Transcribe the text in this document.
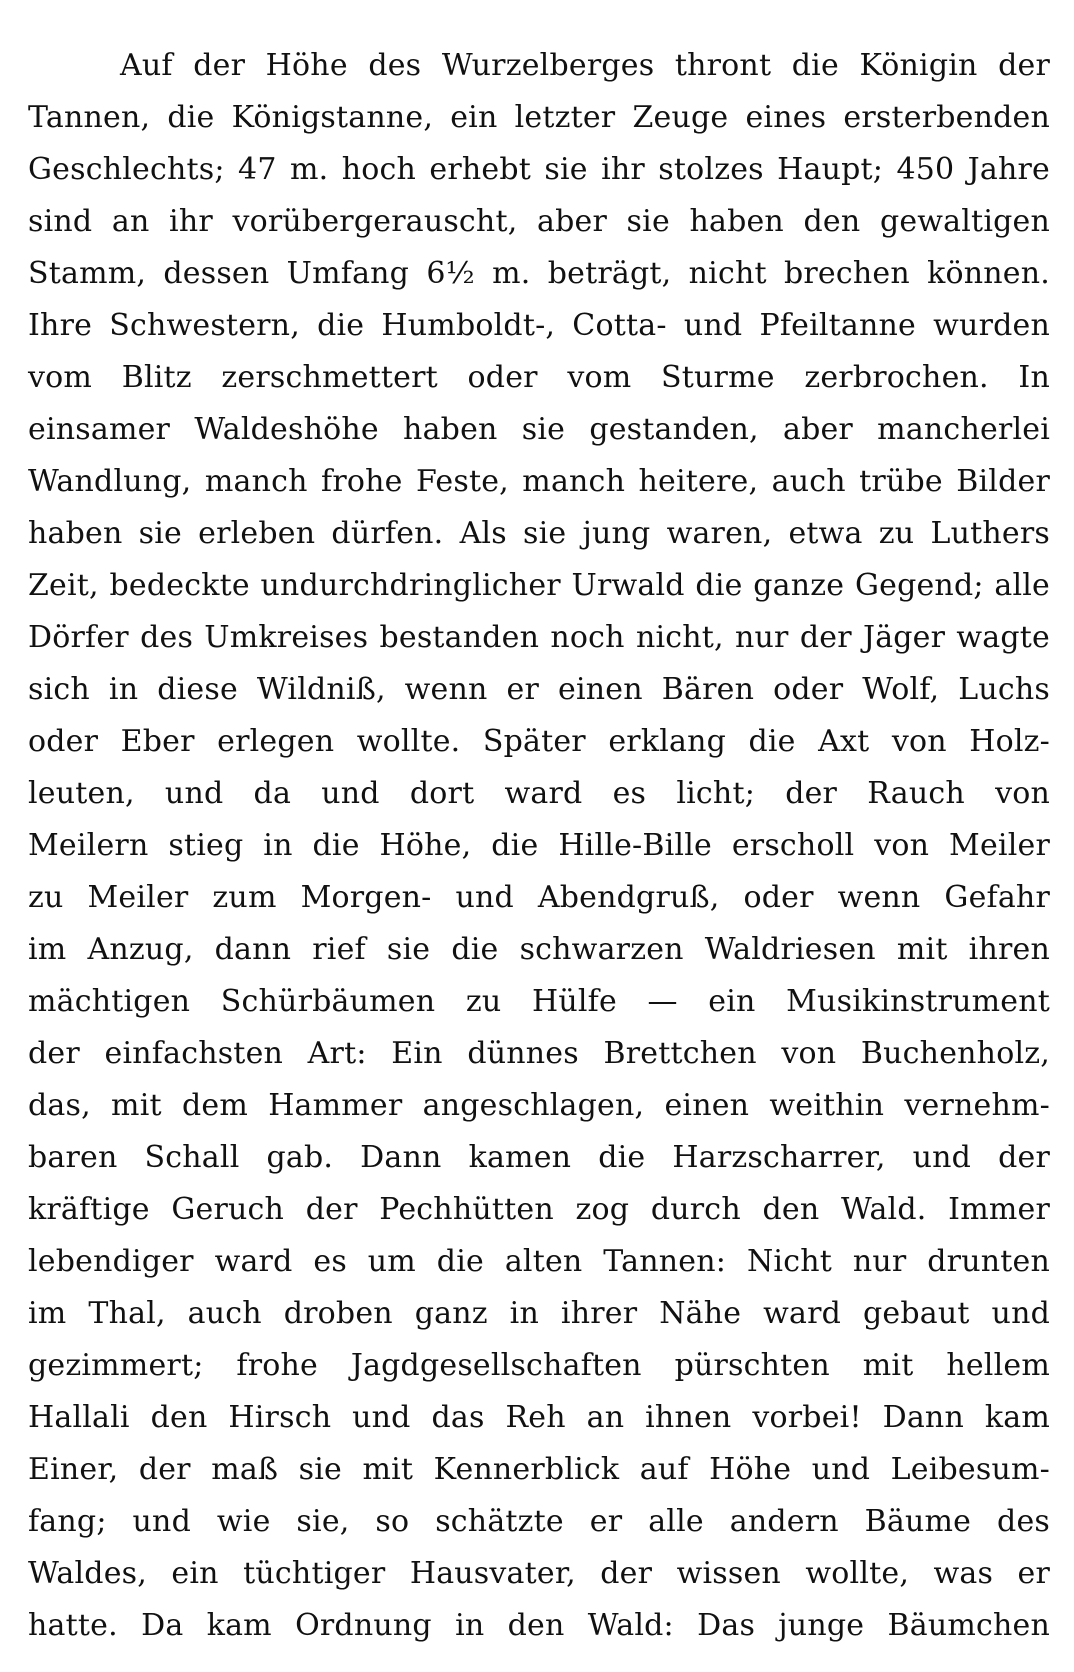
Auf der Höhe des Wurzelberges thront die Königin der
Tannen, die Königstanne, ein letzter Zeuge eines ersterbenden
Geschlechts; 47 m. hoch erhebt sie ihr stolzes Haupt; 450 Jahre
sind an ihr vorübergerauscht, aber sie haben den gewaltigen
Stamm, dessen Umfang 6½ m. beträgt, nicht brechen können.
Ihre Schwestern, die Humboldt-, Cotta- und Pfeiltanne wurden
vom Blitz zerschmettert oder vom Sturme zerbrochen. In
einsamer Waldeshöhe haben sie gestanden, aber mancherlei
Wandlung, manch frohe Feste, manch heitere, auch trübe Bilder
haben sie erleben dürfen. Als sie jung waren, etwa zu Luthers
Zeit, bedeckte undurchdringlicher Urwald die ganze Gegend; alle
Dörfer des Umkreises bestanden noch nicht, nur der Jäger wagte
sich in diese Wildniß, wenn er einen Bären oder Wolf, Luchs
oder Eber erlegen wollte. Später erklang die Axt von Holz-
leuten, und da und dort ward es licht; der Rauch von
Meilern stieg in die Höhe, die Hille-Bille erscholl von Meiler
zu Meiler zum Morgen- und Abendgruß, oder wenn Gefahr
im Anzug, dann rief sie die schwarzen Waldriesen mit ihren
mächtigen Schürbäumen zu Hülfe — ein Musikinstrument
der einfachsten Art: Ein dünnes Brettchen von Buchenholz,
das, mit dem Hammer angeschlagen, einen weithin vernehm-
baren Schall gab. Dann kamen die Harzscharrer, und der
kräftige Geruch der Pechhütten zog durch den Wald. Immer
lebendiger ward es um die alten Tannen: Nicht nur drunten
im Thal, auch droben ganz in ihrer Nähe ward gebaut und
gezimmert; frohe Jagdgesellschaften pürschten mit hellem
Hallali den Hirsch und das Reh an ihnen vorbei! Dann kam
Einer, der maß sie mit Kennerblick auf Höhe und Leibesum-
fang; und wie sie, so schätzte er alle andern Bäume des
Waldes, ein tüchtiger Hausvater, der wissen wollte, was er
hatte. Da kam Ordnung in den Wald: Das junge Bäumchen
